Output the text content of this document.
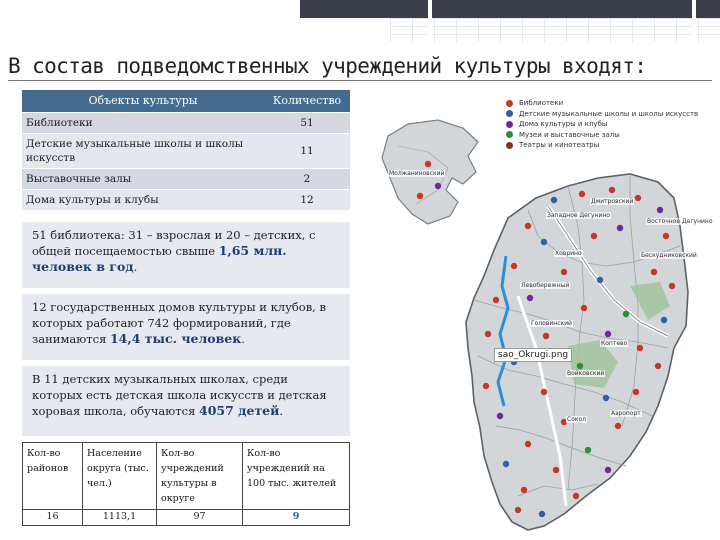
В состав подведомственных учреждений культуры входят:
Объекты культуры	Количество
Библиотеки	51
Детские музыкальные школы и школы искусств	11
Выставочные залы	2
Дома культуры и клубы	12
51 библиотека: 31 – взрослая и 20 – детских, с общей посещаемостью свыше 1,65 млн. человек в год.
12 государственных домов культуры и клубов, в которых работают 742 формирований, где занимаются 14,4 тыс. человек.
В 11 детских музыкальных школах, среди которых есть детская школа искусств и детская хоровая школа, обучаются 4057 детей.
Кол-во районов	Население округа (тыс. чел.)	Кол-во учреждений культуры в округе	Кол-во учреждений на 100 тыс. жителей
16	1113,1	97	9
Библиотеки
Детские музыкальные школы и школы искусств
Дома культуры и клубы
Музеи и выставочные залы
Театры и кинотеатры
Молжаниновский
Западное Дегунино
Дмитровский
Восточное Дегунино
Ховрино	Бескудниковский
Левобережный
Головинский
Войковский
Аэропорт
Сокол
Коптево
sao_Okrugi.png
